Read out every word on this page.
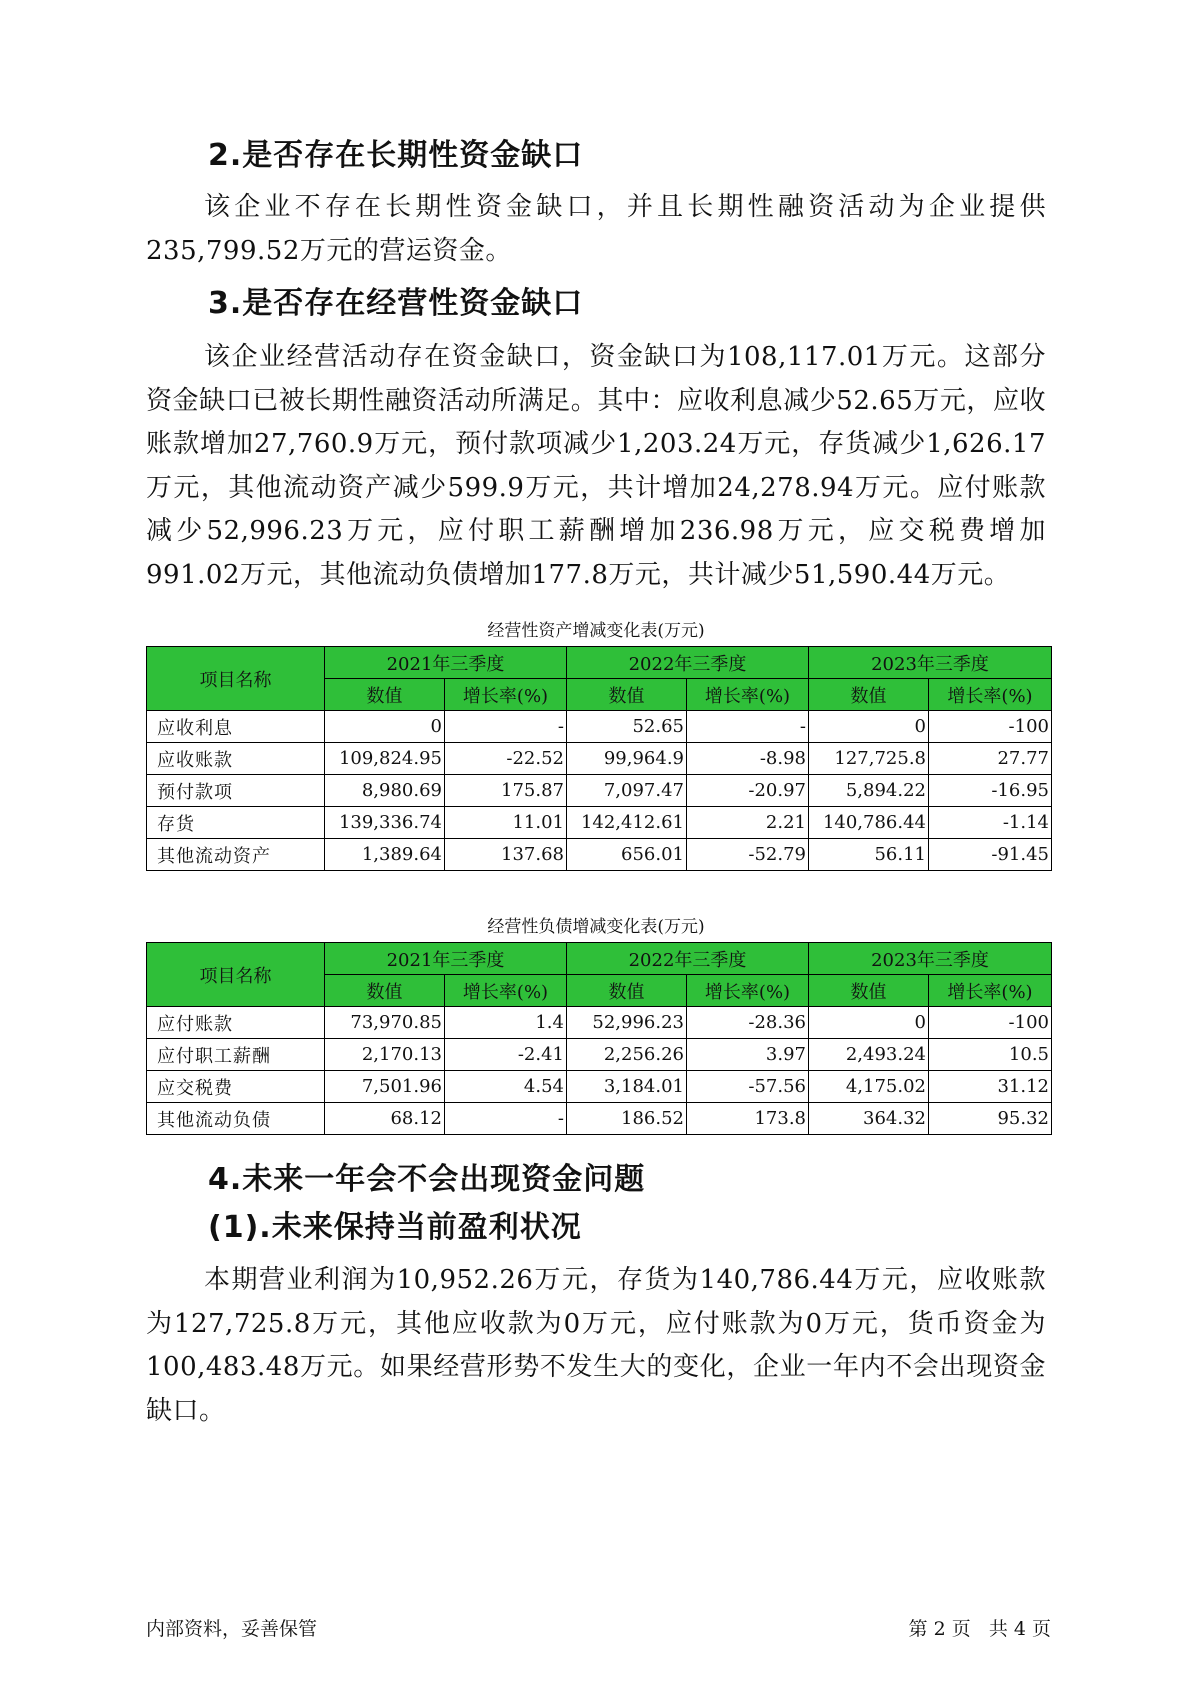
2.是否存在长期性资金缺口

该企业不存在长期性资金缺口，并且长期性融资活动为企业提供235,799.52万元的营运资金。

3.是否存在经营性资金缺口

该企业经营活动存在资金缺口，资金缺口为108,117.01万元。这部分资金缺口已被长期性融资活动所满足。其中：应收利息减少52.65万元，应收账款增加27,760.9万元，预付款项减少1,203.24万元，存货减少1,626.17万元，其他流动资产减少599.9万元，共计增加24,278.94万元。应付账款减少52,996.23万元，应付职工薪酬增加236.98万元，应交税费增加991.02万元，其他流动负债增加177.8万元，共计减少51,590.44万元。

经营性资产增减变化表(万元)

项目名称	2021年三季度		2022年三季度		2023年三季度	
	数值	增长率(%)	数值	增长率(%)	数值	增长率(%)
应收利息	0	-	52.65	-	0	-100
应收账款	109,824.95	-22.52	99,964.9	-8.98	127,725.8	27.77
预付款项	8,980.69	175.87	7,097.47	-20.97	5,894.22	-16.95
存货	139,336.74	11.01	142,412.61	2.21	140,786.44	-1.14
其他流动资产	1,389.64	137.68	656.01	-52.79	56.11	-91.45

经营性负债增减变化表(万元)

项目名称	2021年三季度		2022年三季度		2023年三季度	
	数值	增长率(%)	数值	增长率(%)	数值	增长率(%)
应付账款	73,970.85	1.4	52,996.23	-28.36	0	-100
应付职工薪酬	2,170.13	-2.41	2,256.26	3.97	2,493.24	10.5
应交税费	7,501.96	4.54	3,184.01	-57.56	4,175.02	31.12
其他流动负债	68.12	-	186.52	173.8	364.32	95.32
4.未来一年会不会出现资金问题
(1).未来保持当前盈利状况

本期营业利润为10,952.26万元，存货为140,786.44万元，应收账款为127,725.8万元，其他应收款为0万元，应付账款为0万元，货币资金为100,483.48万元。如果经营形势不发生大的变化，企业一年内不会出现资金缺口。

内部资料，妥善保管	第 2 页   共 4 页
